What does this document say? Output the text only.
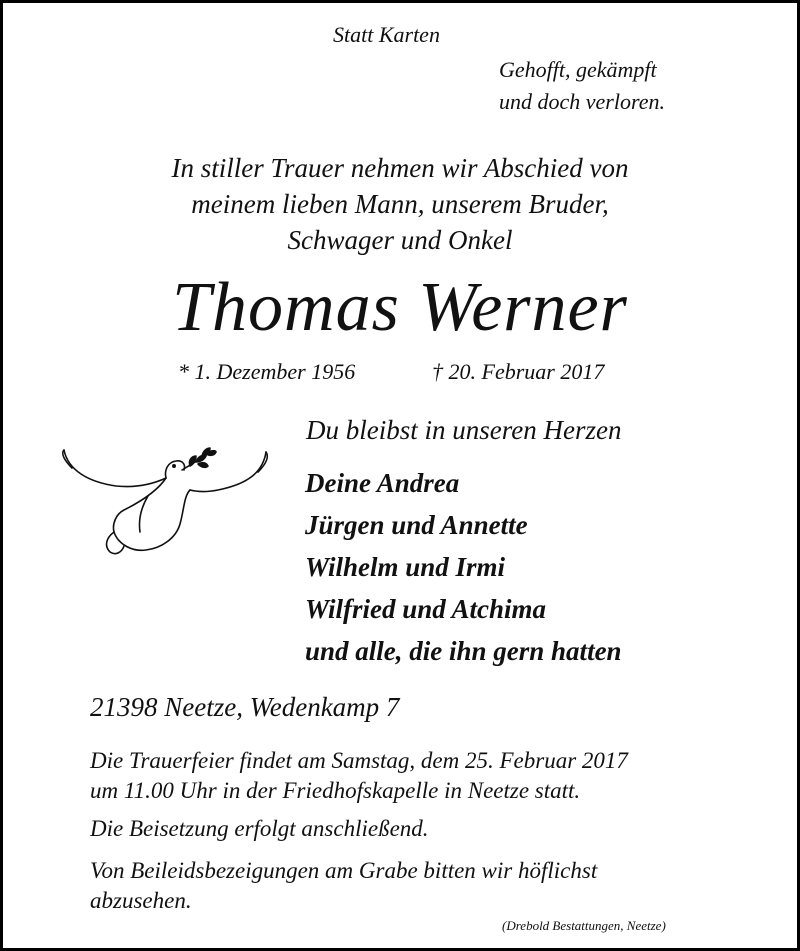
Statt Karten
Gehofft, gekämpft
und doch verloren.
In stiller Trauer nehmen wir Abschied von
meinem lieben Mann, unserem Bruder,
Schwager und Onkel
Thomas Werner
* 1. Dezember 1956	† 20. Februar 2017
Du bleibst in unseren Herzen
Deine Andrea
Jürgen und Annette
Wilhelm und Irmi
Wilfried und Atchima
und alle, die ihn gern hatten
21398 Neetze, Wedenkamp 7
Die Trauerfeier findet am Samstag, dem 25. Februar 2017
um 11.00 Uhr in der Friedhofskapelle in Neetze statt.
Die Beisetzung erfolgt anschließend.
Von Beileidsbezeigungen am Grabe bitten wir höflichst
abzusehen.
(Drebold Bestattungen, Neetze)
